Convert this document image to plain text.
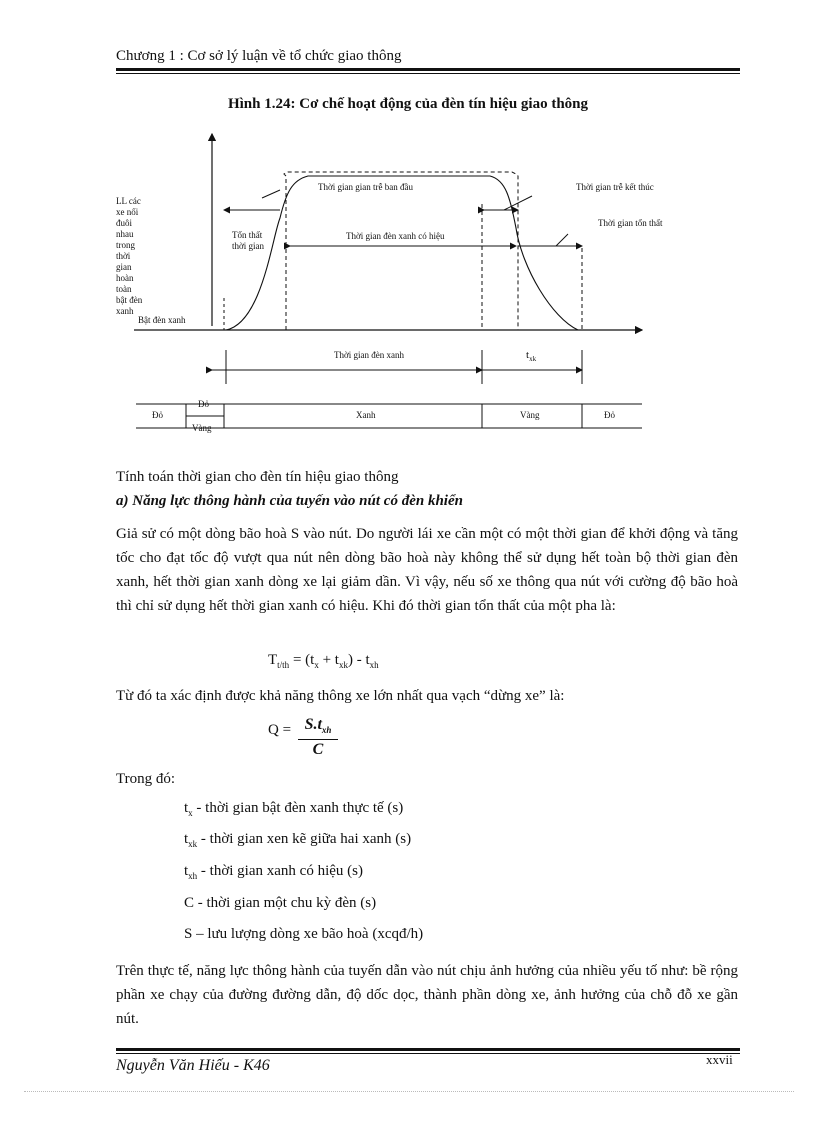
Chương 1 : Cơ sở lý luận về tổ chức giao thông
Hình 1.24: Cơ chế hoạt động của đèn tín hiệu giao thông
LL các xe nối đuôi nhau trong thời gian hoàn toàn bật đèn xanh
Bật đèn xanh
Tổn thất thời gian
Thời gian gian trễ ban đầu	Thời gian trễ kết thúc
Thời gian tổn thất
Thời gian đèn xanh có hiệu
Thời gian đèn xanh	$t_{xk}$
Đỏ
Đỏ
Vàng
Xanh	Vàng	Đỏ
Tính toán thời gian cho đèn tín hiệu giao thông
a) Năng lực thông hành của tuyến vào nút có đèn khiển
Giả sử có một dòng bão hoà S vào nút. Do người lái xe cần một có một thời gian để khởi động và tăng tốc cho đạt tốc độ vượt qua nút nên dòng bão hoà này không thể sử dụng hết toàn bộ thời gian đèn xanh, hết thời gian xanh dòng xe lại giảm dần. Vì vậy, nếu số xe thông qua nút với cường độ bão hoà thì chỉ sử dụng hết thời gian xanh có hiệu. Khi đó thời gian tổn thất của một pha là:
$T_{t/th} = (t_x + t_{xk}) - t_{xh}$
Từ đó ta xác định được khả năng thông xe lớn nhất qua vạch “dừng xe” là:
$Q = S.t_{xh}$
C
Trong đó:
$t_x$ - thời gian bật đèn xanh thực tế (s)
$t_{xk}$ - thời gian xen kẽ giữa hai xanh (s)
$t_{xh}$ - thời gian xanh có hiệu (s)
C - thời gian một chu kỳ đèn (s)
S – lưu lượng dòng xe bão hoà (xcqđ/h)
Trên thực tế, năng lực thông hành của tuyến dẫn vào nút chịu ảnh hưởng của nhiều yếu tố như: bề rộng phần xe chạy của đường đường dẫn, độ dốc dọc, thành phần dòng xe, ảnh hưởng của chỗ đỗ xe gần nút.
Nguyễn Văn Hiếu - K46	xxvii
